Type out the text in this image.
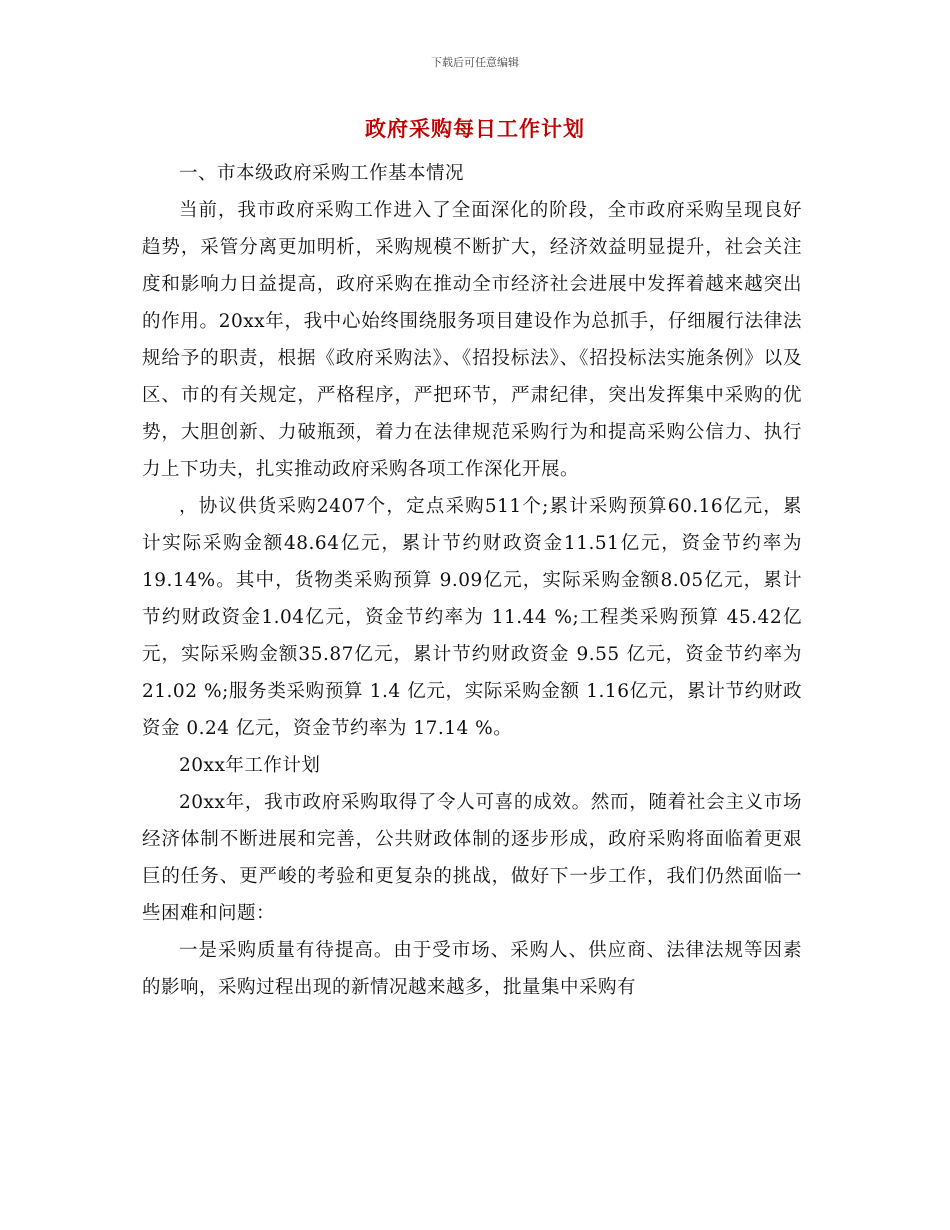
下载后可任意编辑
政府采购每日工作计划

一、市本级政府采购工作基本情况

当前，我市政府采购工作进入了全面深化的阶段，全市政府采购呈现良好趋势，采管分离更加明析，采购规模不断扩大，经济效益明显提升，社会关注度和影响力日益提高，政府采购在推动全市经济社会进展中发挥着越来越突出的作用。20xx年，我中心始终围绕服务项目建设作为总抓手，仔细履行法律法规给予的职责，根据《政府采购法》、《招投标法》、《招投标法实施条例》以及区、市的有关规定，严格程序，严把环节，严肃纪律，突出发挥集中采购的优势，大胆创新、力破瓶颈，着力在法律规范采购行为和提高采购公信力、执行力上下功夫，扎实推动政府采购各项工作深化开展。

，协议供货采购2407个，定点采购511个;累计采购预算60.16亿元，累计实际采购金额48.64亿元，累计节约财政资金11.51亿元，资金节约率为19.14%。其中，货物类采购预算 9.09亿元，实际采购金额8.05亿元，累计节约财政资金1.04亿元，资金节约率为 11.44 %;工程类采购预算 45.42亿元，实际采购金额35.87亿元，累计节约财政资金 9.55 亿元，资金节约率为 21.02 %;服务类采购预算 1.4 亿元，实际采购金额 1.16亿元，累计节约财政资金 0.24 亿元，资金节约率为 17.14 %。

20xx年工作计划

20xx年，我市政府采购取得了令人可喜的成效。然而，随着社会主义市场经济体制不断进展和完善，公共财政体制的逐步形成，政府采购将面临着更艰巨的任务、更严峻的考验和更复杂的挑战，做好下一步工作，我们仍然面临一些困难和问题：

一是采购质量有待提高。由于受市场、采购人、供应商、法律法规等因素的影响，采购过程出现的新情况越来越多，批量集中采购有
